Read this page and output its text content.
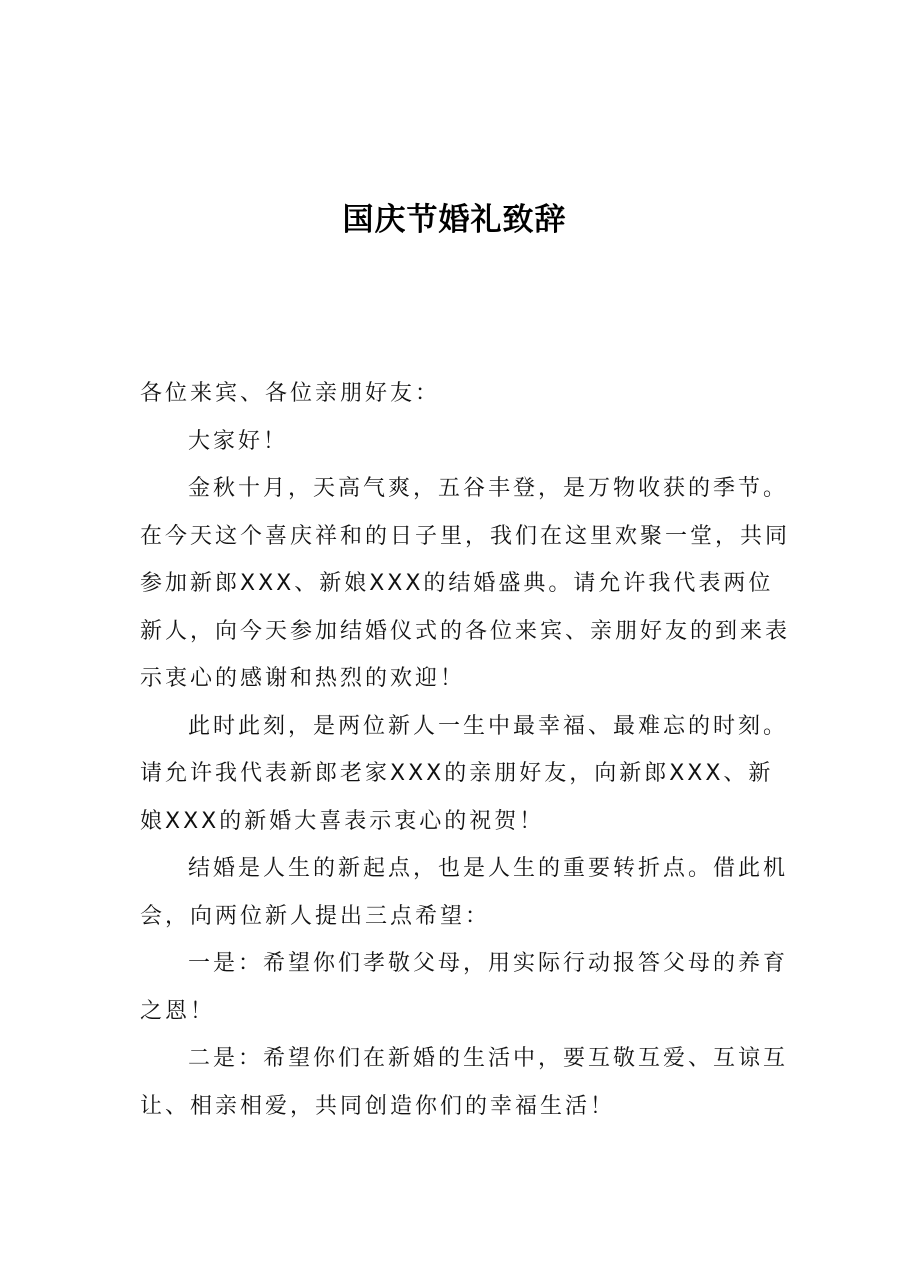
国庆节婚礼致辞

各位来宾、各位亲朋好友：

大家好！

金秋十月，天高气爽，五谷丰登，是万物收获的季节。在今天这个喜庆祥和的日子里，我们在这里欢聚一堂，共同参加新郎XXX、新娘XXX的结婚盛典。请允许我代表两位新人，向今天参加结婚仪式的各位来宾、亲朋好友的到来表示衷心的感谢和热烈的欢迎！

此时此刻，是两位新人一生中最幸福、最难忘的时刻。请允许我代表新郎老家XXX的亲朋好友，向新郎XXX、新娘XXX的新婚大喜表示衷心的祝贺！

结婚是人生的新起点，也是人生的重要转折点。借此机会，向两位新人提出三点希望：

一是：希望你们孝敬父母，用实际行动报答父母的养育之恩！

二是：希望你们在新婚的生活中，要互敬互爱、互谅互让、相亲相爱，共同创造你们的幸福生活！
